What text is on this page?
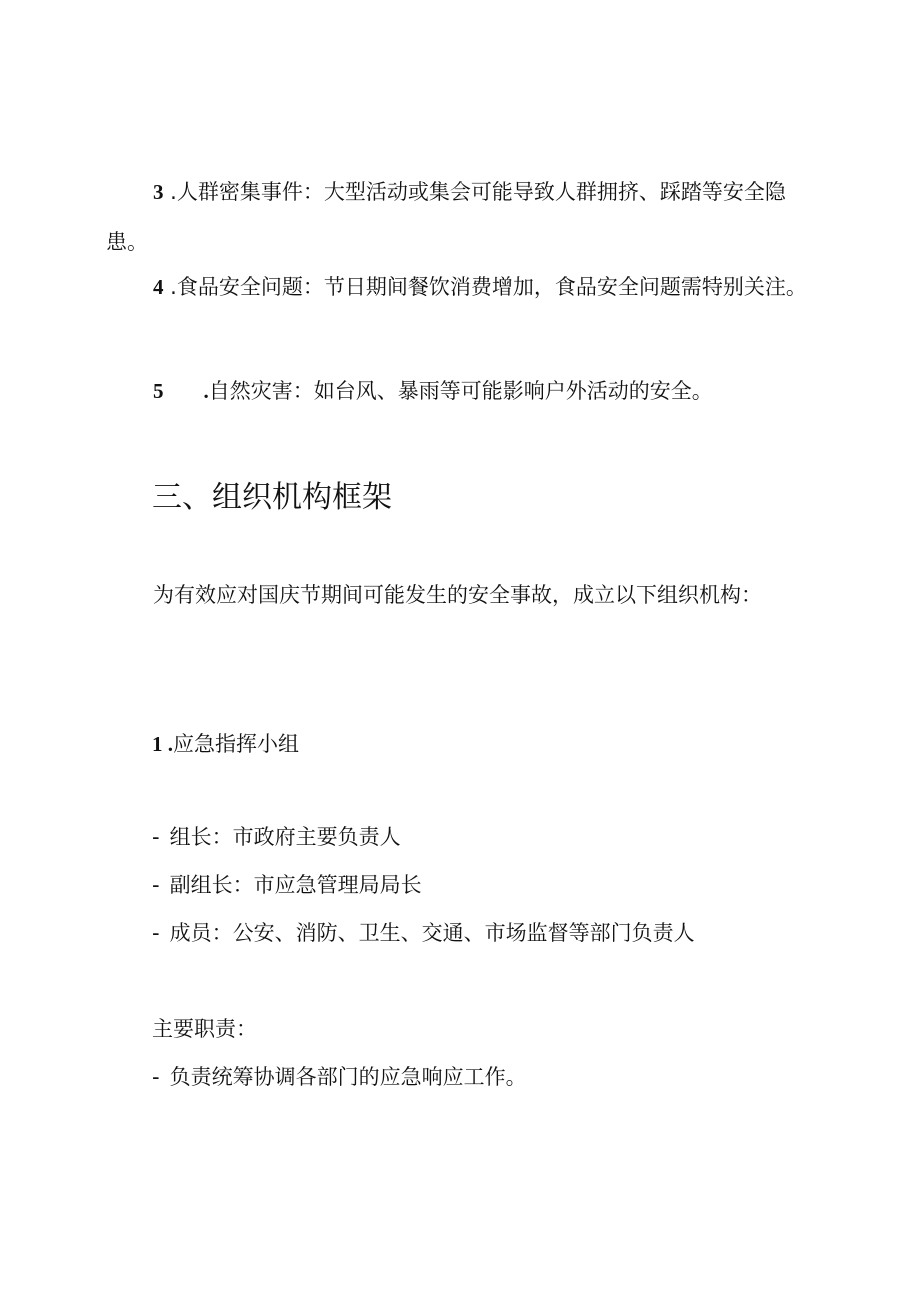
3 .人群密集事件：大型活动或集会可能导致人群拥挤、踩踏等安全隐患。

4 .食品安全问题：节日期间餐饮消费增加，食品安全问题需特别关注。

5 .自然灾害：如台风、暴雨等可能影响户外活动的安全。

三、组织机构框架

为有效应对国庆节期间可能发生的安全事故，成立以下组织机构：

1 .应急指挥小组

- 组长：市政府主要负责人

- 副组长：市应急管理局局长

- 成员：公安、消防、卫生、交通、市场监督等部门负责人

主要职责：

- 负责统筹协调各部门的应急响应工作。
